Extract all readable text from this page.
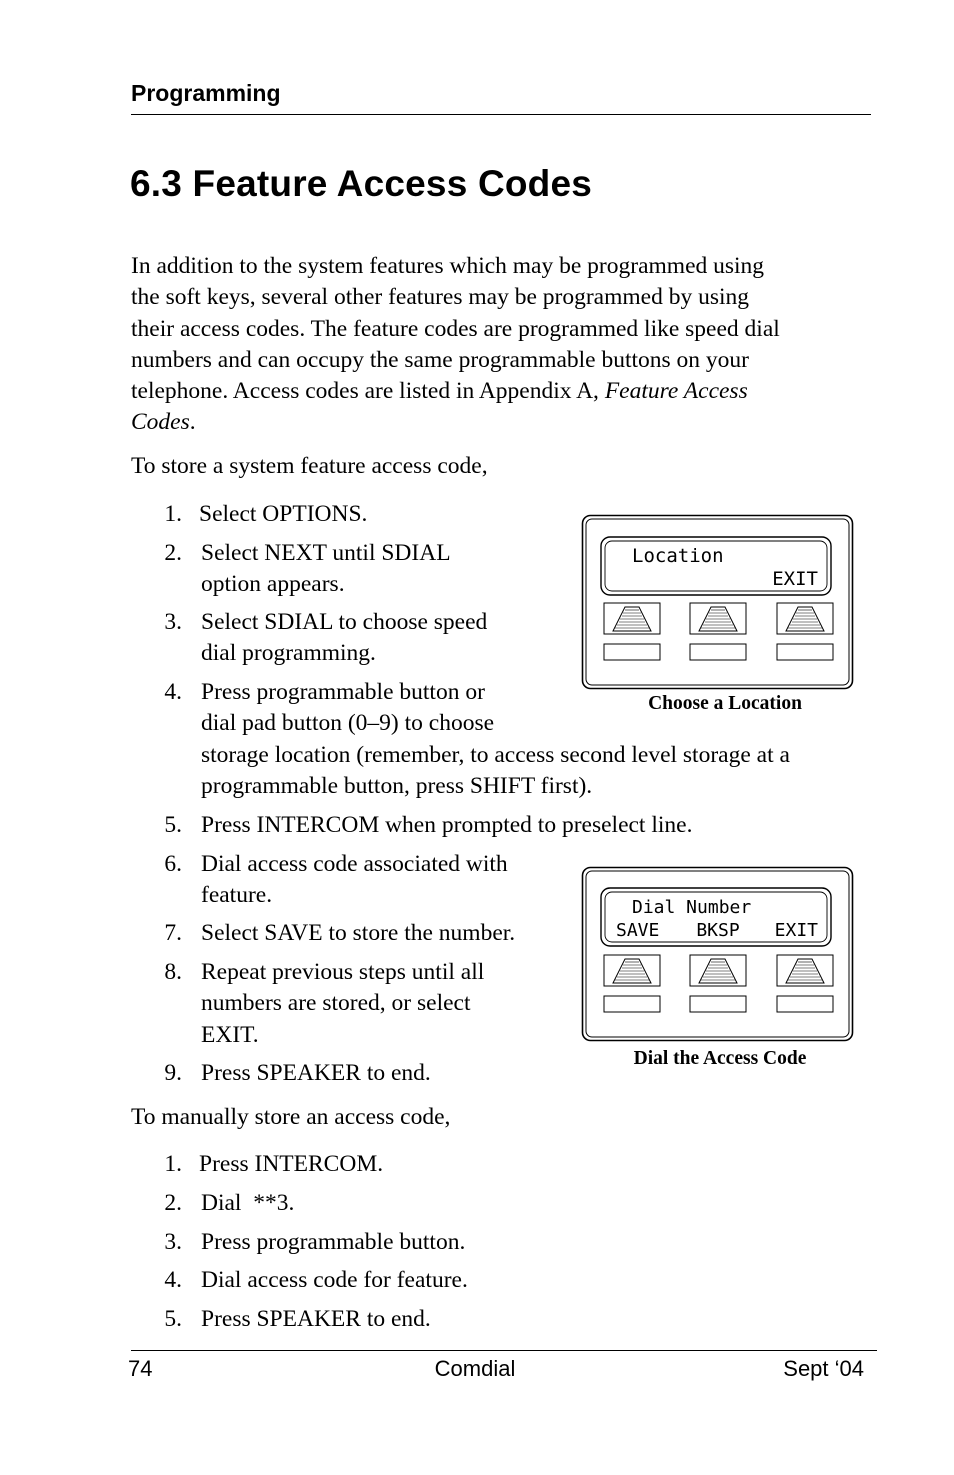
Programming
6.3 Feature Access Codes
In addition to the system features which may be programmed using
the soft keys, several other features may be programmed by using
their access codes. The feature codes are programmed like speed dial
numbers and can occupy the same programmable buttons on your
telephone. Access codes are listed in Appendix A, Feature Access
Codes.
To store a system feature access code,
1. Select OPTIONS.
2. Select NEXT until SDIAL
option appears.
3. Select SDIAL to choose speed
dial programming.
4. Press programmable button or
dial pad button (0–9) to choose
storage location (remember, to access second level storage at a
programmable button, press SHIFT first).
5. Press INTERCOM when prompted to preselect line.
6. Dial access code associated with
feature.
7. Select SAVE to store the number.
8. Repeat previous steps until all
numbers are stored, or select
EXIT.
9. Press SPEAKER to end.
Location
EXIT
Choose a Location
Dial Number
SAVE BKSP EXIT
Dial the Access Code
To manually store an access code,
1. Press INTERCOM.
2. Dial  **3.
3. Press programmable button.
4. Dial access code for feature.
5. Press SPEAKER to end.
74	Comdial	Sept ‘04
